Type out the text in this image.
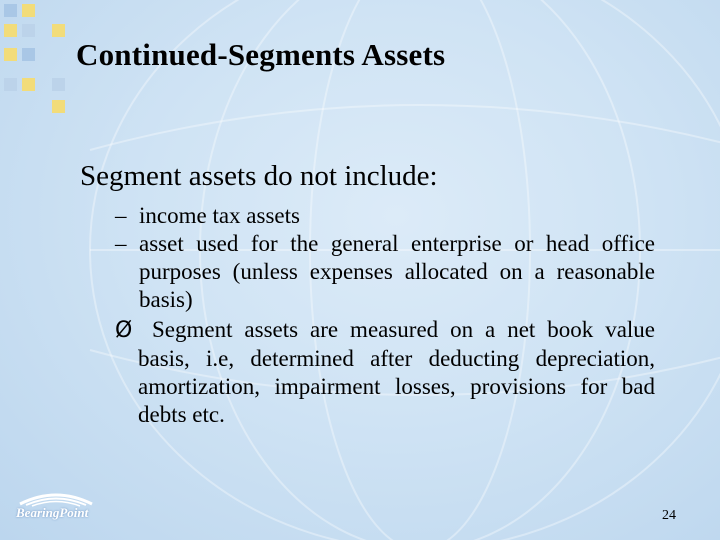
Continued-Segments Assets

Segment assets do not include:

– income tax assets
– asset used for the general enterprise or head office purposes (unless expenses allocated on a reasonable basis)
Ø Segment assets are measured on a net book value basis, i.e, determined after deducting depreciation, amortization, impairment losses, provisions for bad debts etc.

BearingPoint	24
